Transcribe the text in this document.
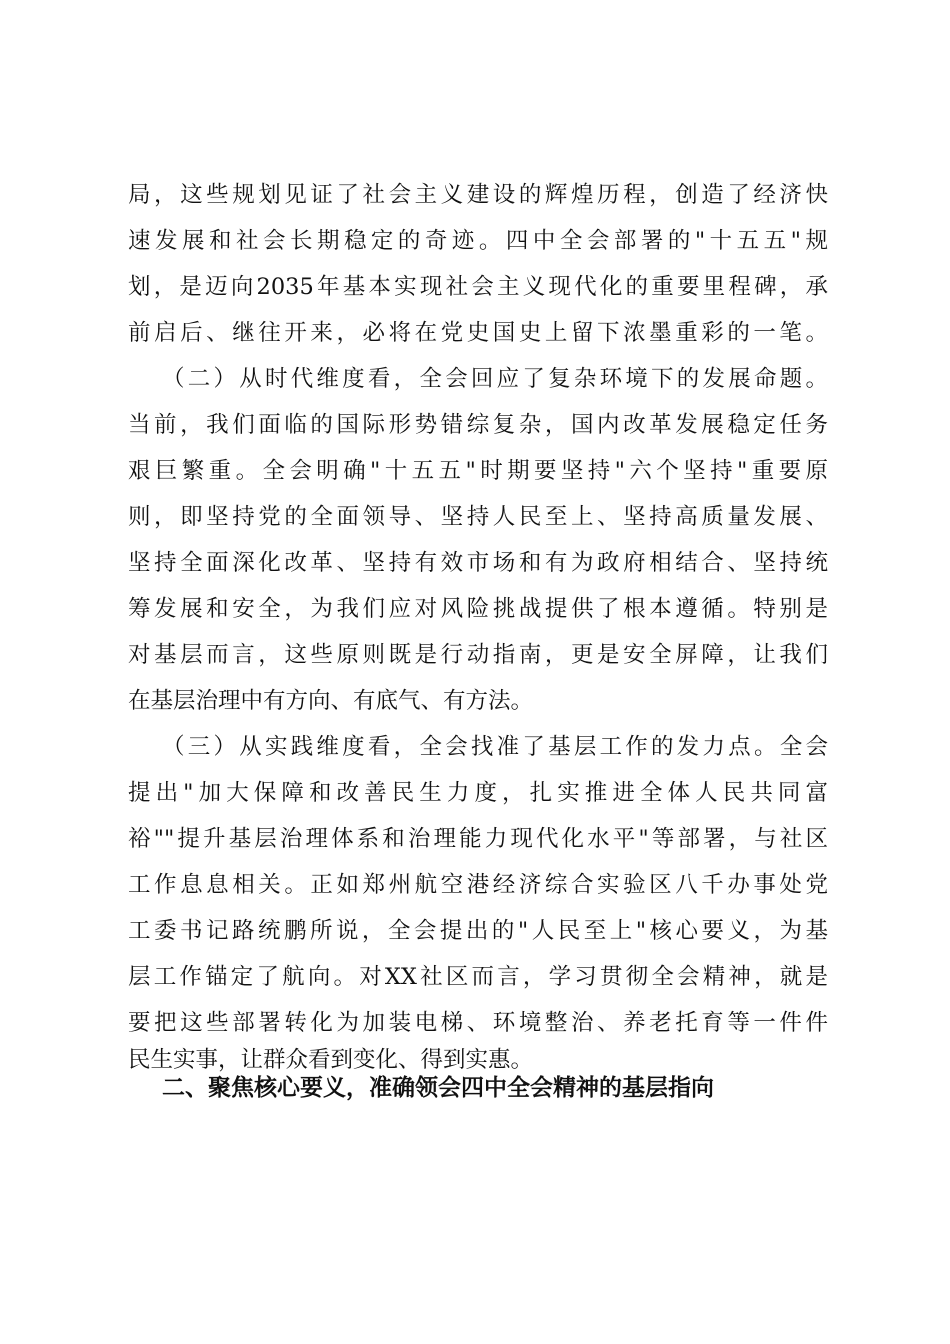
局，这些规划见证了社会主义建设的辉煌历程，创造了经济快
速发展和社会长期稳定的奇迹。四中全会部署的"十五五"规
划，是迈向2035年基本实现社会主义现代化的重要里程碑，承
前启后、继往开来，必将在党史国史上留下浓墨重彩的一笔。
（二）从时代维度看，全会回应了复杂环境下的发展命题。
当前，我们面临的国际形势错综复杂，国内改革发展稳定任务
艰巨繁重。全会明确"十五五"时期要坚持"六个坚持"重要原
则，即坚持党的全面领导、坚持人民至上、坚持高质量发展、
坚持全面深化改革、坚持有效市场和有为政府相结合、坚持统
筹发展和安全，为我们应对风险挑战提供了根本遵循。特别是
对基层而言，这些原则既是行动指南，更是安全屏障，让我们
在基层治理中有方向、有底气、有方法。
（三）从实践维度看，全会找准了基层工作的发力点。全会
提出"加大保障和改善民生力度，扎实推进全体人民共同富
裕""提升基层治理体系和治理能力现代化水平"等部署，与社区
工作息息相关。正如郑州航空港经济综合实验区八千办事处党
工委书记路统鹏所说，全会提出的"人民至上"核心要义，为基
层工作锚定了航向。对XX社区而言，学习贯彻全会精神，就是
要把这些部署转化为加装电梯、环境整治、养老托育等一件件
民生实事，让群众看到变化、得到实惠。
二、聚焦核心要义，准确领会四中全会精神的基层指向
